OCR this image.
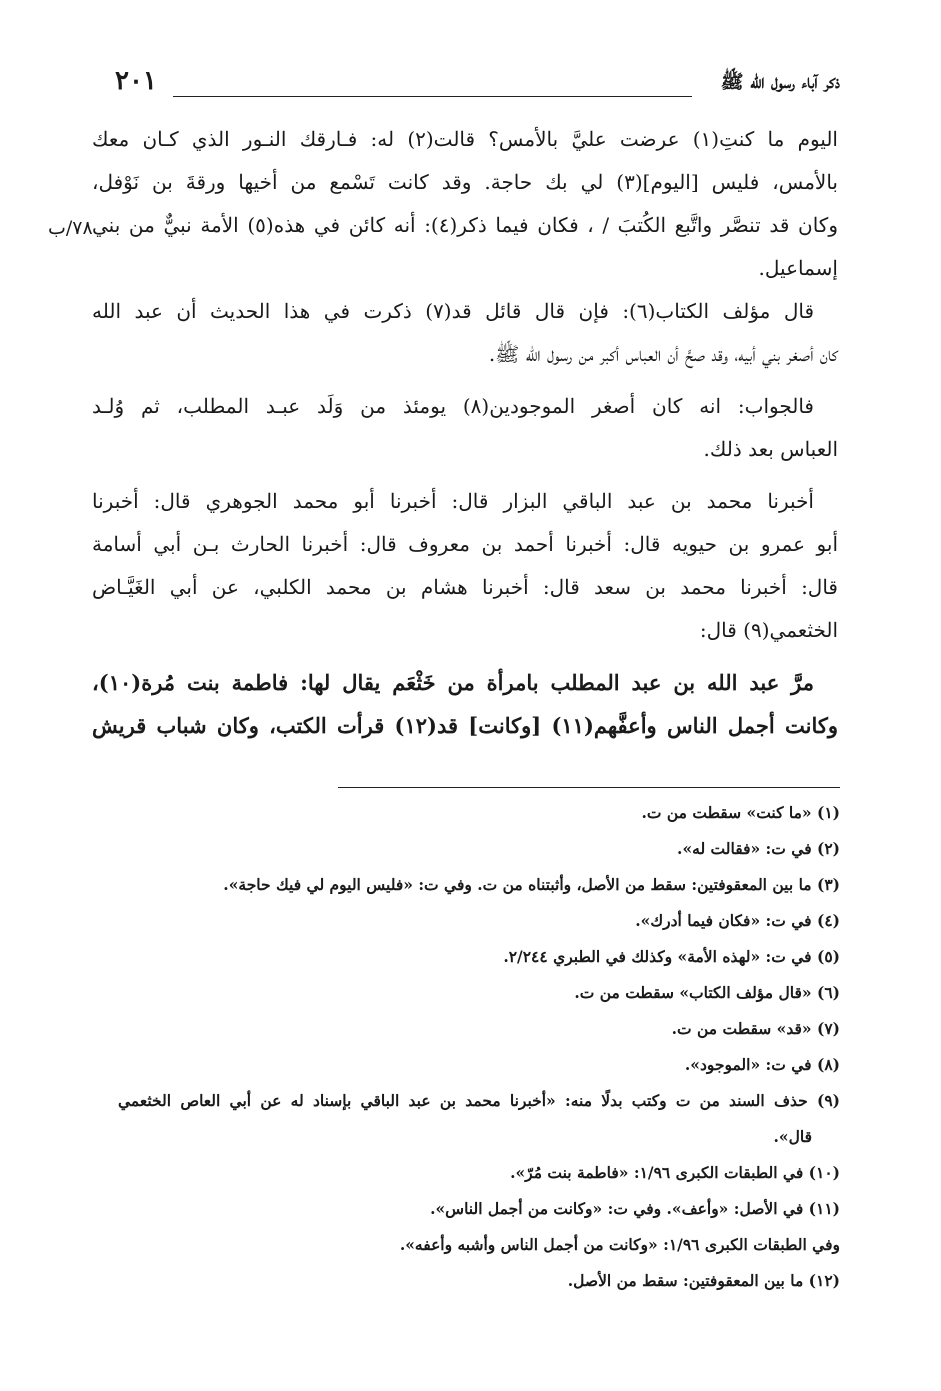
٢٠١	ذكر آباء رسول الله ﷺ
٧٨/ب
اليوم ما كنتِ(١) عرضت عليَّ بالأمس؟ قالت(٢) له: فـارقك النـور الذي كـان معك
بالأمس، فليس [اليوم](٣) لي بك حاجة. وقد كانت تَسْمع من أخيها ورقةَ بن نَوْفل،
وكان قد تنصَّر واتَّبع الكُتبَ / ، فكان فيما ذكر(٤): أنه كائن في هذه(٥) الأمة نبيٌّ من بني
إسماعيل.
قال مؤلف الكتاب(٦): فإن قال قائل قد(٧) ذكرت في هذا الحديث أن عبد الله
كان أصغر بني أبيه، وقد صحَّ أن العباس أكبر من رسول الله ﷺ.
فالجواب: انه كان أصغر الموجودين(٨) يومئذ من وَلَد عبـد المطلب، ثم وُلـد
العباس بعد ذلك.
أخبرنا محمد بن عبد الباقي البزار قال: أخبرنا أبو محمد الجوهري قال: أخبرنا
أبو عمرو بن حيويه قال: أخبرنا أحمد بن معروف قال: أخبرنا الحارث بـن أبي أسامة
قال: أخبرنا محمد بن سعد قال: أخبرنا هشام بن محمد الكلبي، عن أبي الغَيَّـاض
الخثعمي(٩) قال:
مرَّ عبد الله بن عبد المطلب بامرأة من خَثْعَم يقال لها: فاطمة بنت مُرة(١٠)،
وكانت أجمل الناس وأعفَّهم(١١) [وكانت] قد(١٢) قرأت الكتب، وكان شباب قريش
(١) «ما كنت» سقطت من ت.
(٢) في ت: «فقالت له».
(٣) ما بين المعقوفتين: سقط من الأصل، وأثبتناه من ت. وفي ت: «فليس اليوم لي فيك حاجة».
(٤) في ت: «فكان فيما أدرك».
(٥) في ت: «لهذه الأمة» وكذلك في الطبري ٢/٢٤٤.
(٦) «قال مؤلف الكتاب» سقطت من ت.
(٧) «قد» سقطت من ت.
(٨) في ت: «الموجود».
(٩) حذف السند من ت وكتب بدلًا منه: «أخبرنا محمد بن عبد الباقي بإسناد له عن أبي العاص الخثعمي
قال».
(١٠) في الطبقات الكبرى ١/٩٦: «فاطمة بنت مُرّ».
(١١) في الأصل: «وأعف». وفي ت: «وكانت من أجمل الناس».
وفي الطبقات الكبرى ١/٩٦: «وكانت من أجمل الناس وأشبه وأعفه».
(١٢) ما بين المعقوفتين: سقط من الأصل.
